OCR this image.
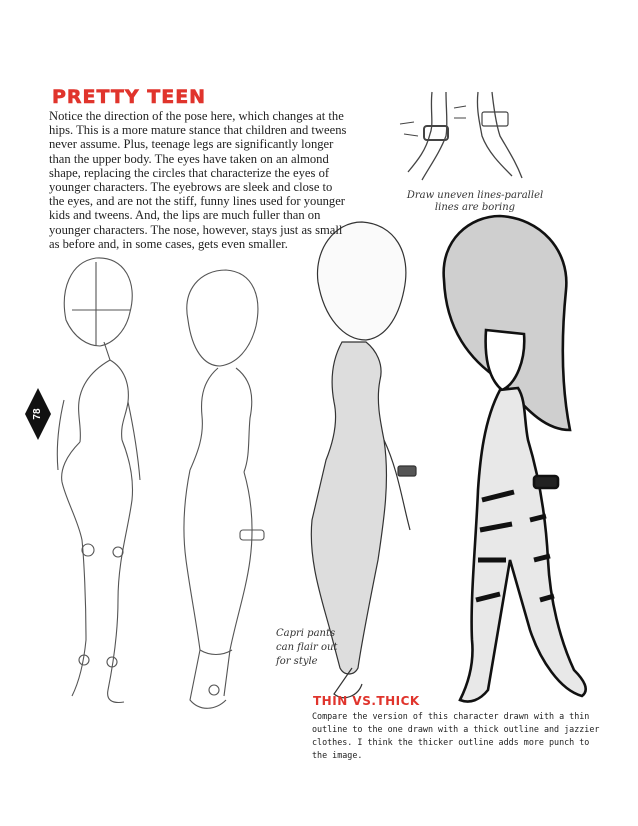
PRETTY TEEN
Notice the direction of the pose here, which changes at the hips. This is a more mature stance that children and tweens never assume. Plus, teenage legs are significantly longer than the upper body. The eyes have taken on an almond shape, replacing the circles that characterize the eyes of younger characters. The eyebrows are sleek and close to the eyes, and are not the stiff, funny lines used for younger kids and tweens. And, the lips are much fuller than on younger characters. The nose, however, stays just as small as before and, in some cases, gets even smaller.
Draw uneven lines-parallel
lines are boring
Capri pants
can flair out
for style
78
THIN VS.THICK
Compare the version of this character drawn with a thin outline to the one drawn with a thick outline and jazzier clothes. I think the thicker outline adds more punch to the image.
